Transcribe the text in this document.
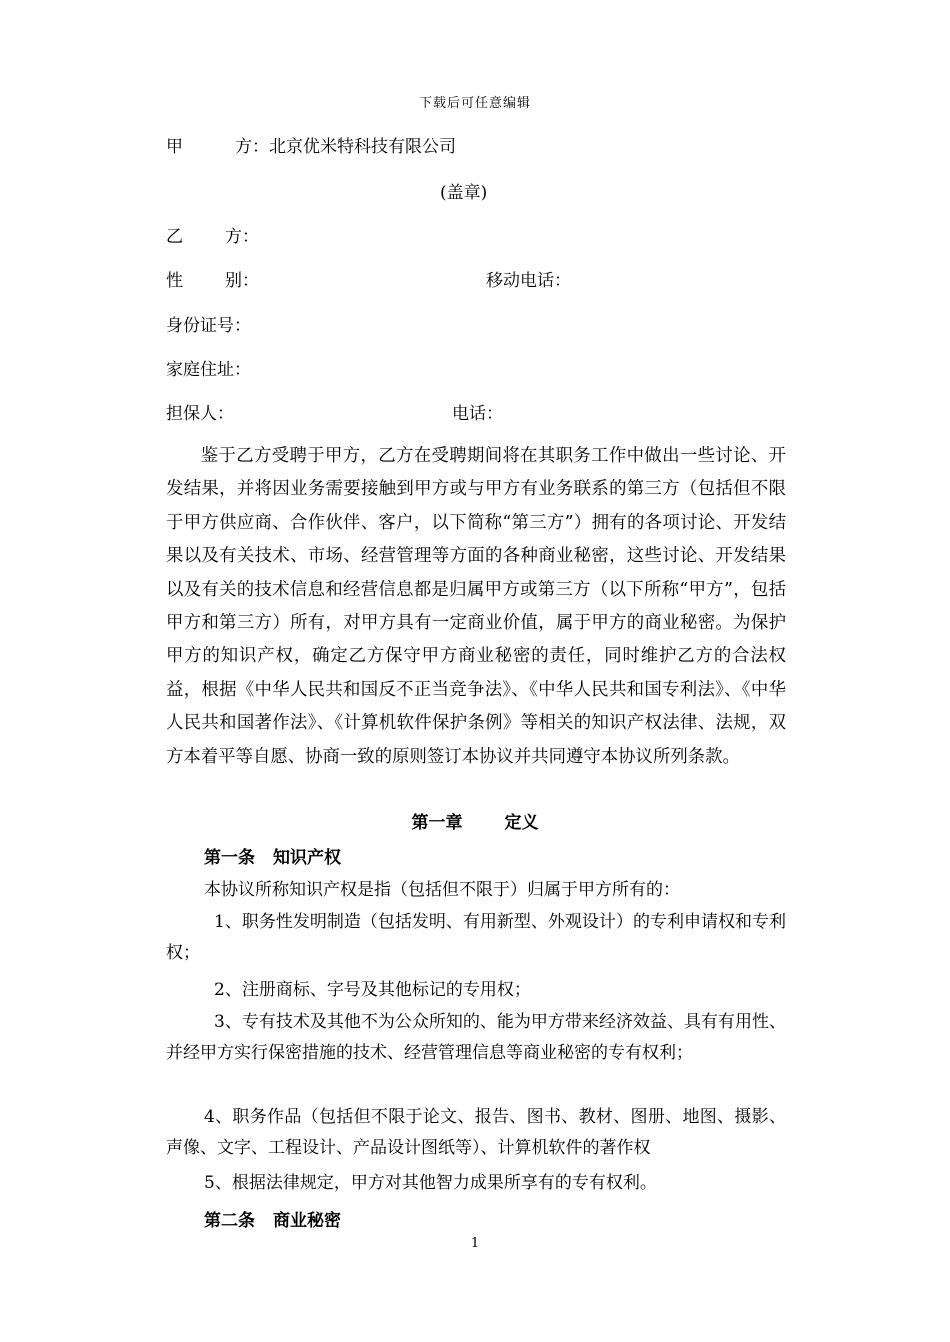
下载后可任意编辑
甲	方：北京优米特科技有限公司
(盖章)
乙 方：
性 别：	移动电话：
身份证号：
家庭住址：
担保人：	电话：

鉴于乙方受聘于甲方，乙方在受聘期间将在其职务工作中做出一些讨论、开发结果，并将因业务需要接触到甲方或与甲方有业务联系的第三方（包括但不限于甲方供应商、合作伙伴、客户，以下简称“第三方”）拥有的各项讨论、开发结果以及有关技术、市场、经营管理等方面的各种商业秘密，这些讨论、开发结果以及有关的技术信息和经营信息都是归属甲方或第三方（以下所称“甲方”，包括甲方和第三方）所有，对甲方具有一定商业价值，属于甲方的商业秘密。为保护甲方的知识产权，确定乙方保守甲方商业秘密的责任，同时维护乙方的合法权益，根据《中华人民共和国反不正当竞争法》、《中华人民共和国专利法》、《中华人民共和国著作法》、《计算机软件保护条例》等相关的知识产权法律、法规，双方本着平等自愿、协商一致的原则签订本协议并共同遵守本协议所列条款。

第一章 定义
第一条 知识产权

本协议所称知识产权是指（包括但不限于）归属于甲方所有的：

1、职务性发明制造（包括发明、有用新型、外观设计）的专利申请权和专利权；

2、注册商标、字号及其他标记的专用权；

3、专有技术及其他不为公众所知的、能为甲方带来经济效益、具有有用性、并经甲方实行保密措施的技术、经营管理信息等商业秘密的专有权利；

4、职务作品（包括但不限于论文、报告、图书、教材、图册、地图、摄影、声像、文字、工程设计、产品设计图纸等）、计算机软件的著作权

5、根据法律规定，甲方对其他智力成果所享有的专有权利。

第二条 商业秘密
1
